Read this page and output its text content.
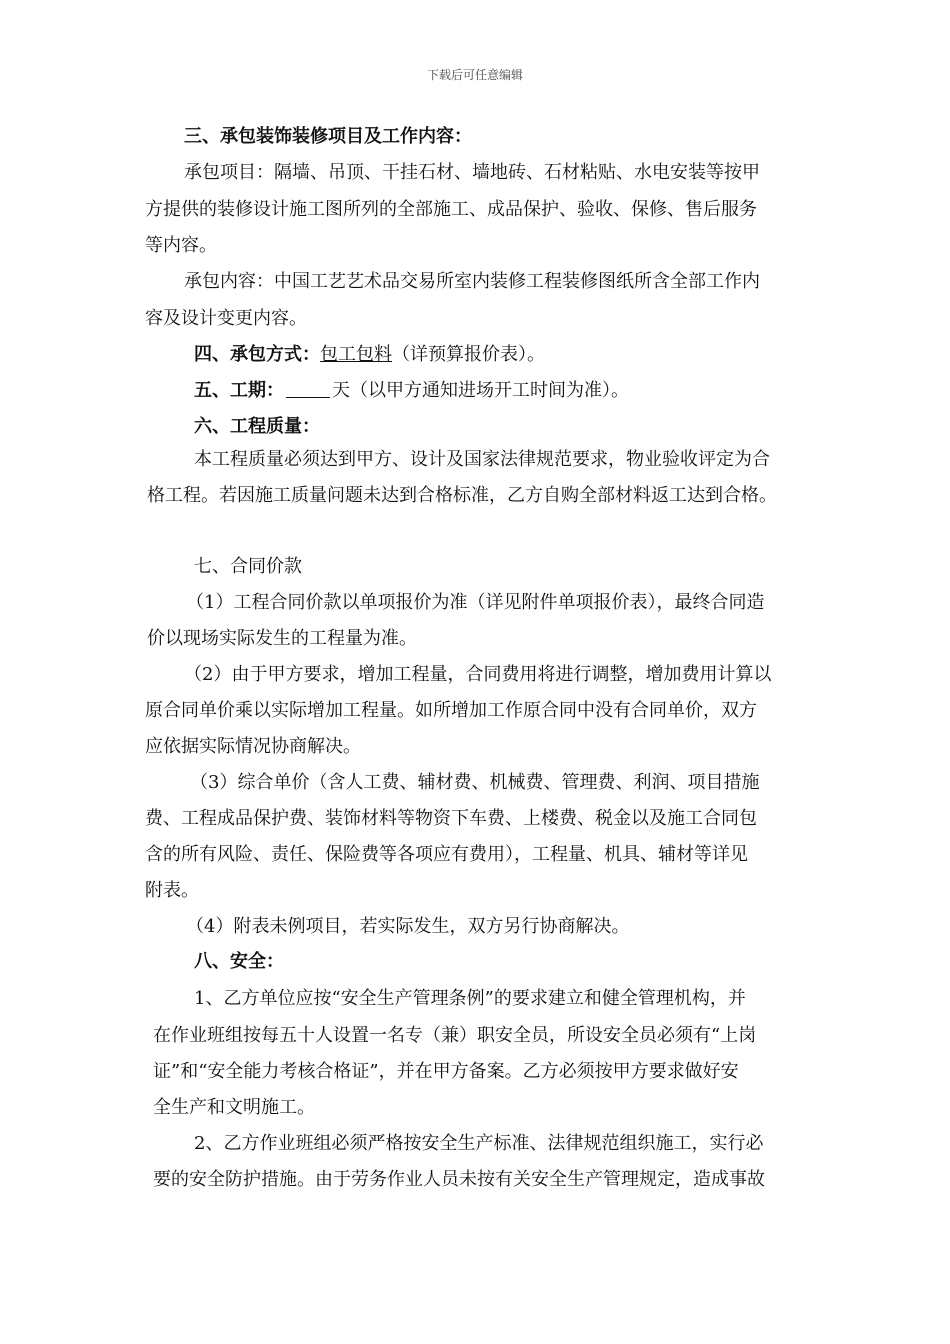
下载后可任意编辑
三、承包装饰装修项目及工作内容：
承包项目：隔墙、吊顶、干挂石材、墙地砖、石材粘贴、水电安装等按甲
方提供的装修设计施工图所列的全部施工、成品保护、验收、保修、售后服务
等内容。
承包内容：中国工艺艺术品交易所室内装修工程装修图纸所含全部工作内
容及设计变更内容。
四、承包方式：包工包料（详预算报价表）。
五、工期：	天（以甲方通知进场开工时间为准）。
六、工程质量：
本工程质量必须达到甲方、设计及国家法律规范要求，物业验收评定为合
格工程。若因施工质量问题未达到合格标准，乙方自购全部材料返工达到合格。
七、合同价款
（1）工程合同价款以单项报价为准（详见附件单项报价表），最终合同造
价以现场实际发生的工程量为准。
（2）由于甲方要求，增加工程量，合同费用将进行调整，增加费用计算以
原合同单价乘以实际增加工程量。如所增加工作原合同中没有合同单价，双方
应依据实际情况协商解决。
（3）综合单价（含人工费、辅材费、机械费、管理费、利润、项目措施
费、工程成品保护费、装饰材料等物资下车费、上楼费、税金以及施工合同包
含的所有风险、责任、保险费等各项应有费用），工程量、机具、辅材等详见
附表。
（4）附表未例项目，若实际发生，双方另行协商解决。
八、安全：
1、乙方单位应按“安全生产管理条例”的要求建立和健全管理机构，并
在作业班组按每五十人设置一名专（兼）职安全员，所设安全员必须有“上岗
证”和“安全能力考核合格证”，并在甲方备案。乙方必须按甲方要求做好安
全生产和文明施工。
2、乙方作业班组必须严格按安全生产标准、法律规范组织施工，实行必
要的安全防护措施。由于劳务作业人员未按有关安全生产管理规定，造成事故
